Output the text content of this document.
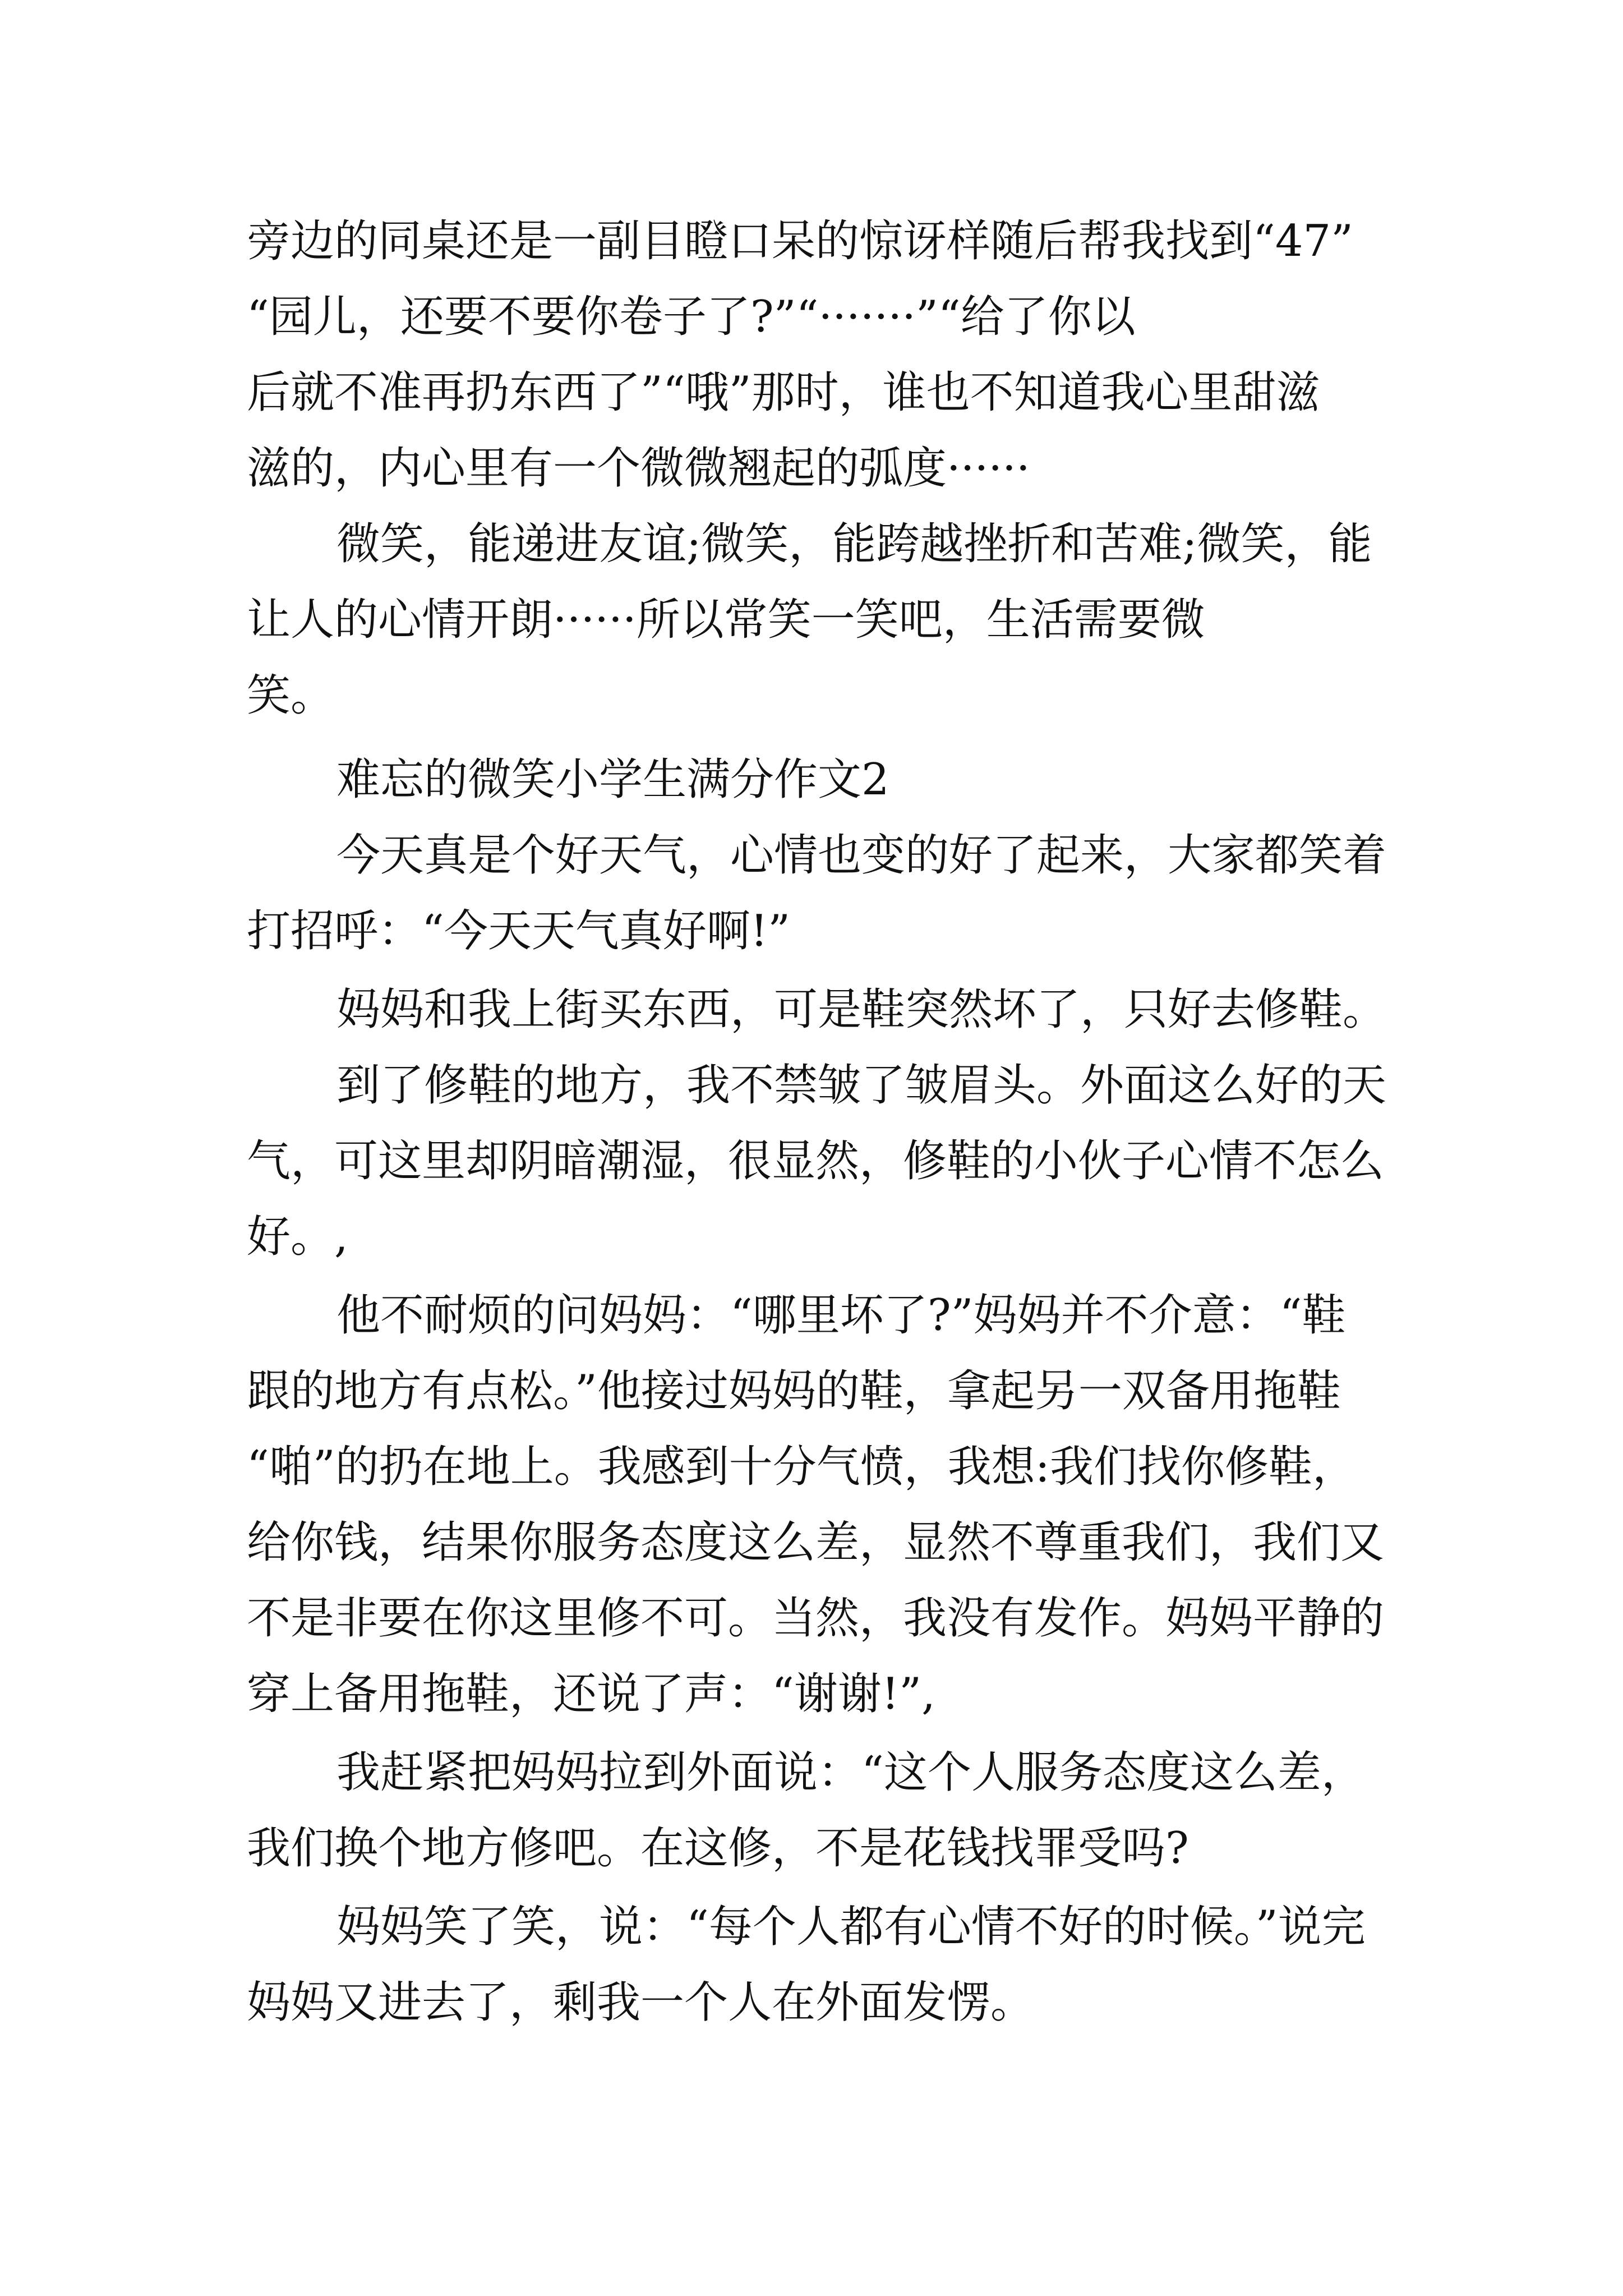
旁边的同桌还是一副目瞪口呆的惊讶样随后帮我找到“47”
“园儿，还要不要你卷子了?”“·······”“给了你以
后就不准再扔东西了”“哦”那时，谁也不知道我心里甜滋
滋的，内心里有一个微微翘起的弧度······
微笑，能递进友谊;微笑，能跨越挫折和苦难;微笑，能
让人的心情开朗······所以常笑一笑吧，生活需要微
笑。
难忘的微笑小学生满分作文2
今天真是个好天气，心情也变的好了起来，大家都笑着
打招呼：“今天天气真好啊!”
妈妈和我上街买东西，可是鞋突然坏了，只好去修鞋。
到了修鞋的地方，我不禁皱了皱眉头。外面这么好的天
气，可这里却阴暗潮湿，很显然，修鞋的小伙子心情不怎么
好。,
他不耐烦的问妈妈：“哪里坏了?”妈妈并不介意：“鞋
跟的地方有点松。”他接过妈妈的鞋，拿起另一双备用拖鞋
“啪”的扔在地上。我感到十分气愤，我想:我们找你修鞋，
给你钱，结果你服务态度这么差，显然不尊重我们，我们又
不是非要在你这里修不可。当然，我没有发作。妈妈平静的
穿上备用拖鞋，还说了声：“谢谢!”,
我赶紧把妈妈拉到外面说：“这个人服务态度这么差，
我们换个地方修吧。在这修，不是花钱找罪受吗?
妈妈笑了笑，说：“每个人都有心情不好的时候。”说完
妈妈又进去了，剩我一个人在外面发愣。
